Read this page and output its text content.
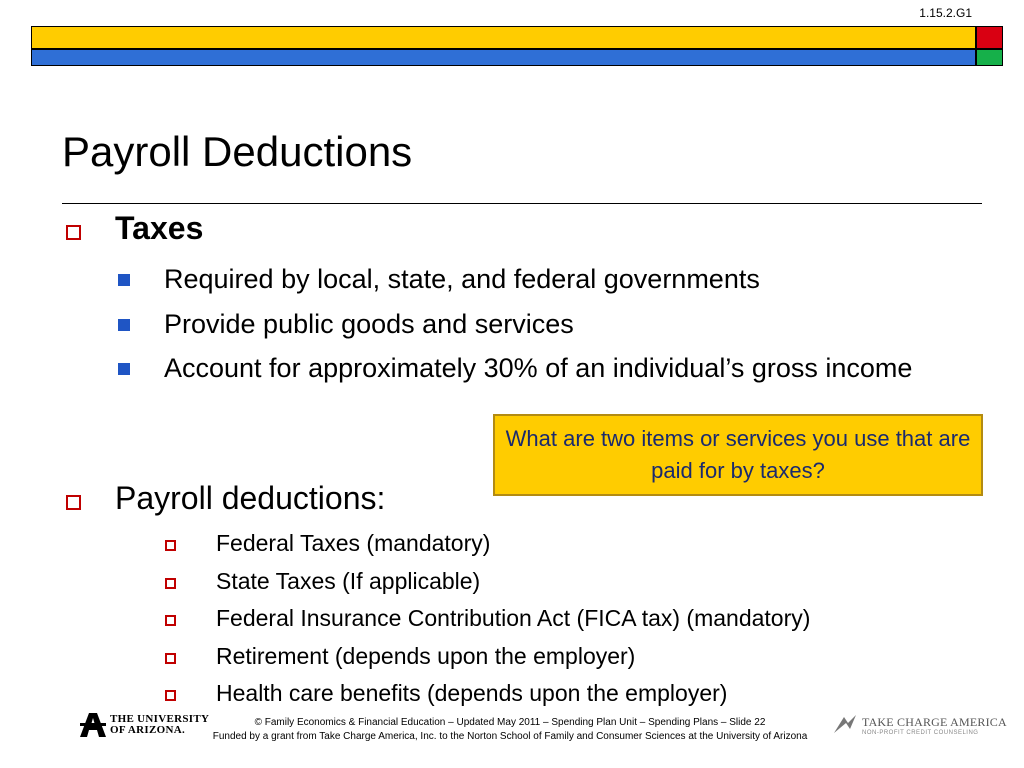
1.15.2.G1
Payroll Deductions
Taxes
Required by local, state, and federal governments
Provide public goods and services
Account for approximately 30% of an individual’s gross income
Payroll deductions:
Federal Taxes (mandatory)
State Taxes (If applicable)
Federal Insurance Contribution Act (FICA tax) (mandatory)
Retirement (depends upon the employer)
Health care benefits (depends upon the employer)
What are two items or services you use that are paid for by taxes?
THE UNIVERSITY
OF ARIZONA.
© Family Economics & Financial Education – Updated May 2011 – Spending Plan Unit – Spending Plans – Slide 22
Funded by a grant from Take Charge America, Inc. to the Norton School of Family and Consumer Sciences at the University of Arizona
TAKE CHARGE AMERICA
NON-PROFIT CREDIT COUNSELING
